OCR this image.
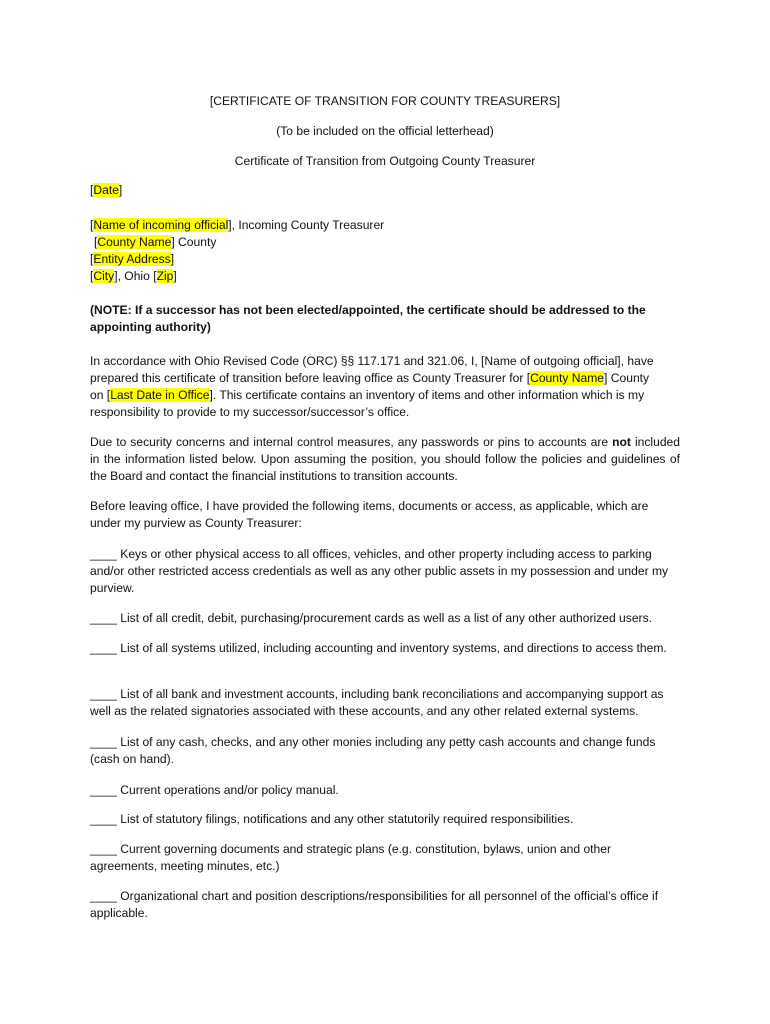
[CERTIFICATE OF TRANSITION FOR COUNTY TREASURERS]
(To be included on the official letterhead)
Certificate of Transition from Outgoing County Treasurer
[Date]
[Name of incoming official], Incoming County Treasurer
[County Name] County
[Entity Address]
[City], Ohio [Zip]
(NOTE: If a successor has not been elected/appointed, the certificate should be addressed to the
appointing authority)
In accordance with Ohio Revised Code (ORC) §§ 117.171 and 321.06, I, [Name of outgoing official], have
prepared this certificate of transition before leaving office as County Treasurer for [County Name] County
on [Last Date in Office]. This certificate contains an inventory of items and other information which is my
responsibility to provide to my successor/successor’s office.
Due to security concerns and internal control measures, any passwords or pins to accounts are not included in the information listed below. Upon assuming the position, you should follow the policies and guidelines of the Board and contact the financial institutions to transition accounts.
Before leaving office, I have provided the following items, documents or access, as applicable, which are under my purview as County Treasurer:
____ Keys or other physical access to all offices, vehicles, and other property including access to parking and/or other restricted access credentials as well as any other public assets in my possession and under my purview.
____ List of all credit, debit, purchasing/procurement cards as well as a list of any other authorized users.
____ List of all systems utilized, including accounting and inventory systems, and directions to access them.
____ List of all bank and investment accounts, including bank reconciliations and accompanying support as well as the related signatories associated with these accounts, and any other related external systems.
____ List of any cash, checks, and any other monies including any petty cash accounts and change funds (cash on hand).
____ Current operations and/or policy manual.
____ List of statutory filings, notifications and any other statutorily required responsibilities.
____ Current governing documents and strategic plans (e.g. constitution, bylaws, union and other agreements, meeting minutes, etc.)
____ Organizational chart and position descriptions/responsibilities for all personnel of the official’s office if applicable.
